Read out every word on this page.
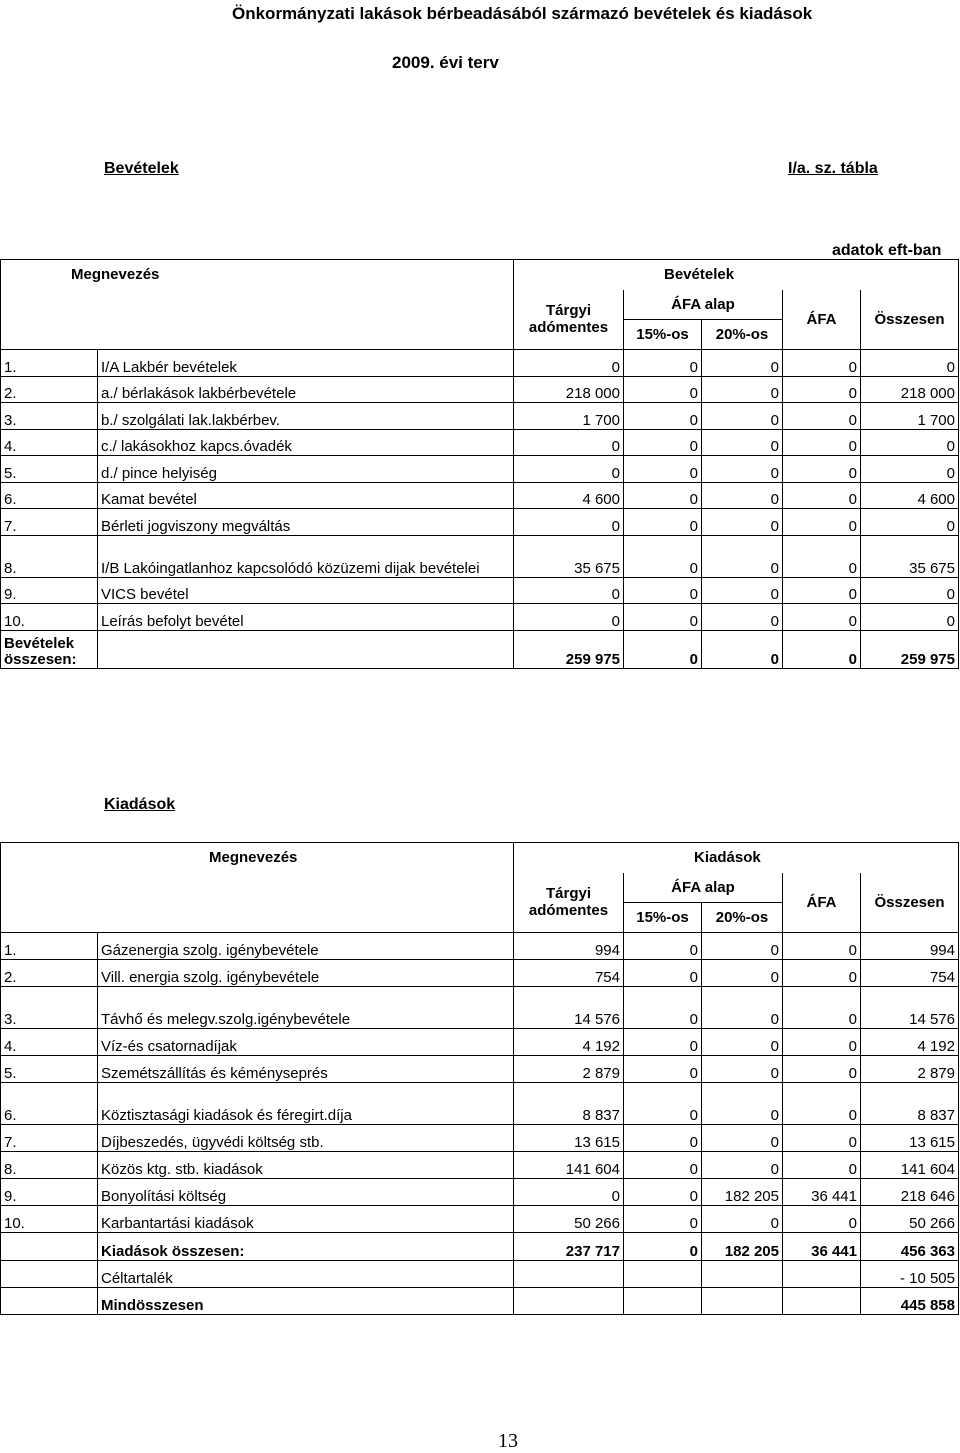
Önkormányzati lakások bérbeadásából származó bevételek és kiadások
2009. évi terv
Bevételek	I/a. sz. tábla
adatok eft-ban
Megnevezés		Bevételek				
		Tárgyi adómentes	ÁFA alap		ÁFA	Összesen
			15%-os	20%-os		
1.	I/A Lakbér bevételek	0	0	0	0	0
2.	a./ bérlakások lakbérbevétele	218 000	0	0	0	218 000
3.	b./ szolgálati lak.lakbérbev.	1 700	0	0	0	1 700
4.	c./ lakásokhoz kapcs.óvadék	0	0	0	0	0
5.	d./ pince helyiség	0	0	0	0	0
6.	Kamat bevétel	4 600	0	0	0	4 600
7.	Bérleti jogviszony megváltás	0	0	0	0	0
8.	I/B Lakóingatlanhoz kapcsolódó közüzemi dijak bevételei	35 675	0	0	0	35 675
9.	VICS bevétel	0	0	0	0	0
10.	Leírás befolyt bevétel	0	0	0	0	0
Bevételek összesen:		259 975	0	0	0	259 975
Kiadások
Megnevezés		Kiadások				
		Tárgyi adómentes	ÁFA alap		ÁFA	Összesen
			15%-os	20%-os		
1.	Gázenergia szolg. igénybevétele	994	0	0	0	994
2.	Vill. energia szolg. igénybevétele	754	0	0	0	754
3.	Távhő és melegv.szolg.igénybevétele	14 576	0	0	0	14 576
4.	Víz-és csatornadíjak	4 192	0	0	0	4 192
5.	Szemétszállítás és kéményseprés	2 879	0	0	0	2 879
6.	Köztisztasági kiadások és féregirt.díja	8 837	0	0	0	8 837
7.	Díjbeszedés, ügyvédi költség stb.	13 615	0	0	0	13 615
8.	Közös ktg. stb. kiadások	141 604	0	0	0	141 604
9.	Bonyolítási költség	0	0	182 205	36 441	218 646
10.	Karbantartási kiadások	50 266	0	0	0	50 266
	Kiadások összesen:	237 717	0	182 205	36 441	456 363
	Céltartalék					- 10 505
	Mindösszesen					445 858
13
